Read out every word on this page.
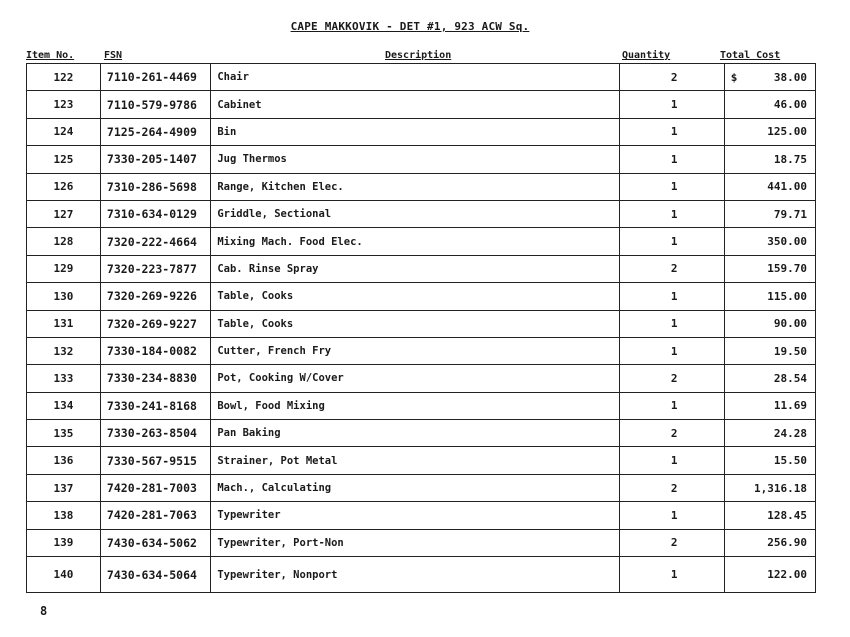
CAPE MAKKOVIK - DET #1, 923 ACW Sq.
Item No.	FSN	Description	Quantity	Total Cost
122	7110-261-4469	Chair	2	$ 38.00

123	7110-579-9786	Cabinet	1	46.00
124	7125-264-4909	Bin	1	125.00
125	7330-205-1407	Jug Thermos	1	18.75
126	7310-286-5698	Range, Kitchen Elec.	1	441.00
127	7310-634-0129	Griddle, Sectional	1	79.71
128	7320-222-4664	Mixing Mach. Food Elec.	1	350.00
129	7320-223-7877	Cab. Rinse Spray	2	159.70
130	7320-269-9226	Table, Cooks	1	115.00
131	7320-269-9227	Table, Cooks	1	90.00
132	7330-184-0082	Cutter, French Fry	1	19.50
133	7330-234-8830	Pot, Cooking W/Cover	2	28.54
134	7330-241-8168	Bowl, Food Mixing	1	11.69
135	7330-263-8504	Pan Baking	2	24.28
136	7330-567-9515	Strainer, Pot Metal	1	15.50
137	7420-281-7003	Mach., Calculating	2	1,316.18
138	7420-281-7063	Typewriter	1	128.45
139	7430-634-5062	Typewriter, Port-Non	2	256.90
140	7430-634-5064	Typewriter, Nonport	1	122.00
8
